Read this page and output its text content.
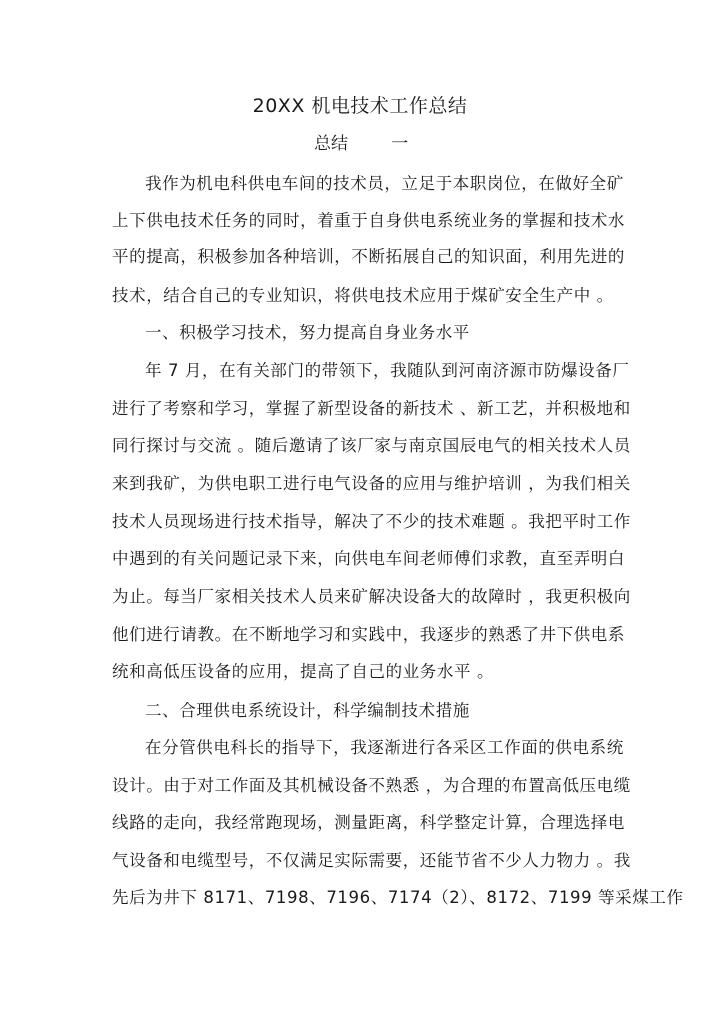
20XX 机电技术工作总结
总结        一

我作为机电科供电车间的技术员，立足于本职岗位，在做好全矿

上下供电技术任务的同时，着重于自身供电系统业务的掌握和技术水

平的提高，积极参加各种培训，不断拓展自己的知识面，利用先进的

技术，结合自己的专业知识，将供电技术应用于煤矿安全生产中 。

一、积极学习技术，努力提高自身业务水平

年 7 月，在有关部门的带领下，我随队到河南济源市防爆设备厂

进行了考察和学习，掌握了新型设备的新技术 、新工艺，并积极地和

同行探讨与交流 。随后邀请了该厂家与南京国辰电气的相关技术人员

来到我矿，为供电职工进行电气设备的应用与维护培训 ，为我们相关

技术人员现场进行技术指导，解决了不少的技术难题 。我把平时工作

中遇到的有关问题记录下来，向供电车间老师傅们求教，直至弄明白

为止。每当厂家相关技术人员来矿解决设备大的故障时 ，我更积极向

他们进行请教。在不断地学习和实践中，我逐步的熟悉了井下供电系

统和高低压设备的应用，提高了自己的业务水平 。

二、合理供电系统设计，科学编制技术措施

在分管供电科长的指导下，我逐渐进行各采区工作面的供电系统

设计。由于对工作面及其机械设备不熟悉 ，为合理的布置高低压电缆

线路的走向，我经常跑现场，测量距离，科学整定计算，合理选择电

气设备和电缆型号，不仅满足实际需要，还能节省不少人力物力 。我

先后为井下 8171、7198、7196、7174（2）、8172、7199 等采煤工作
